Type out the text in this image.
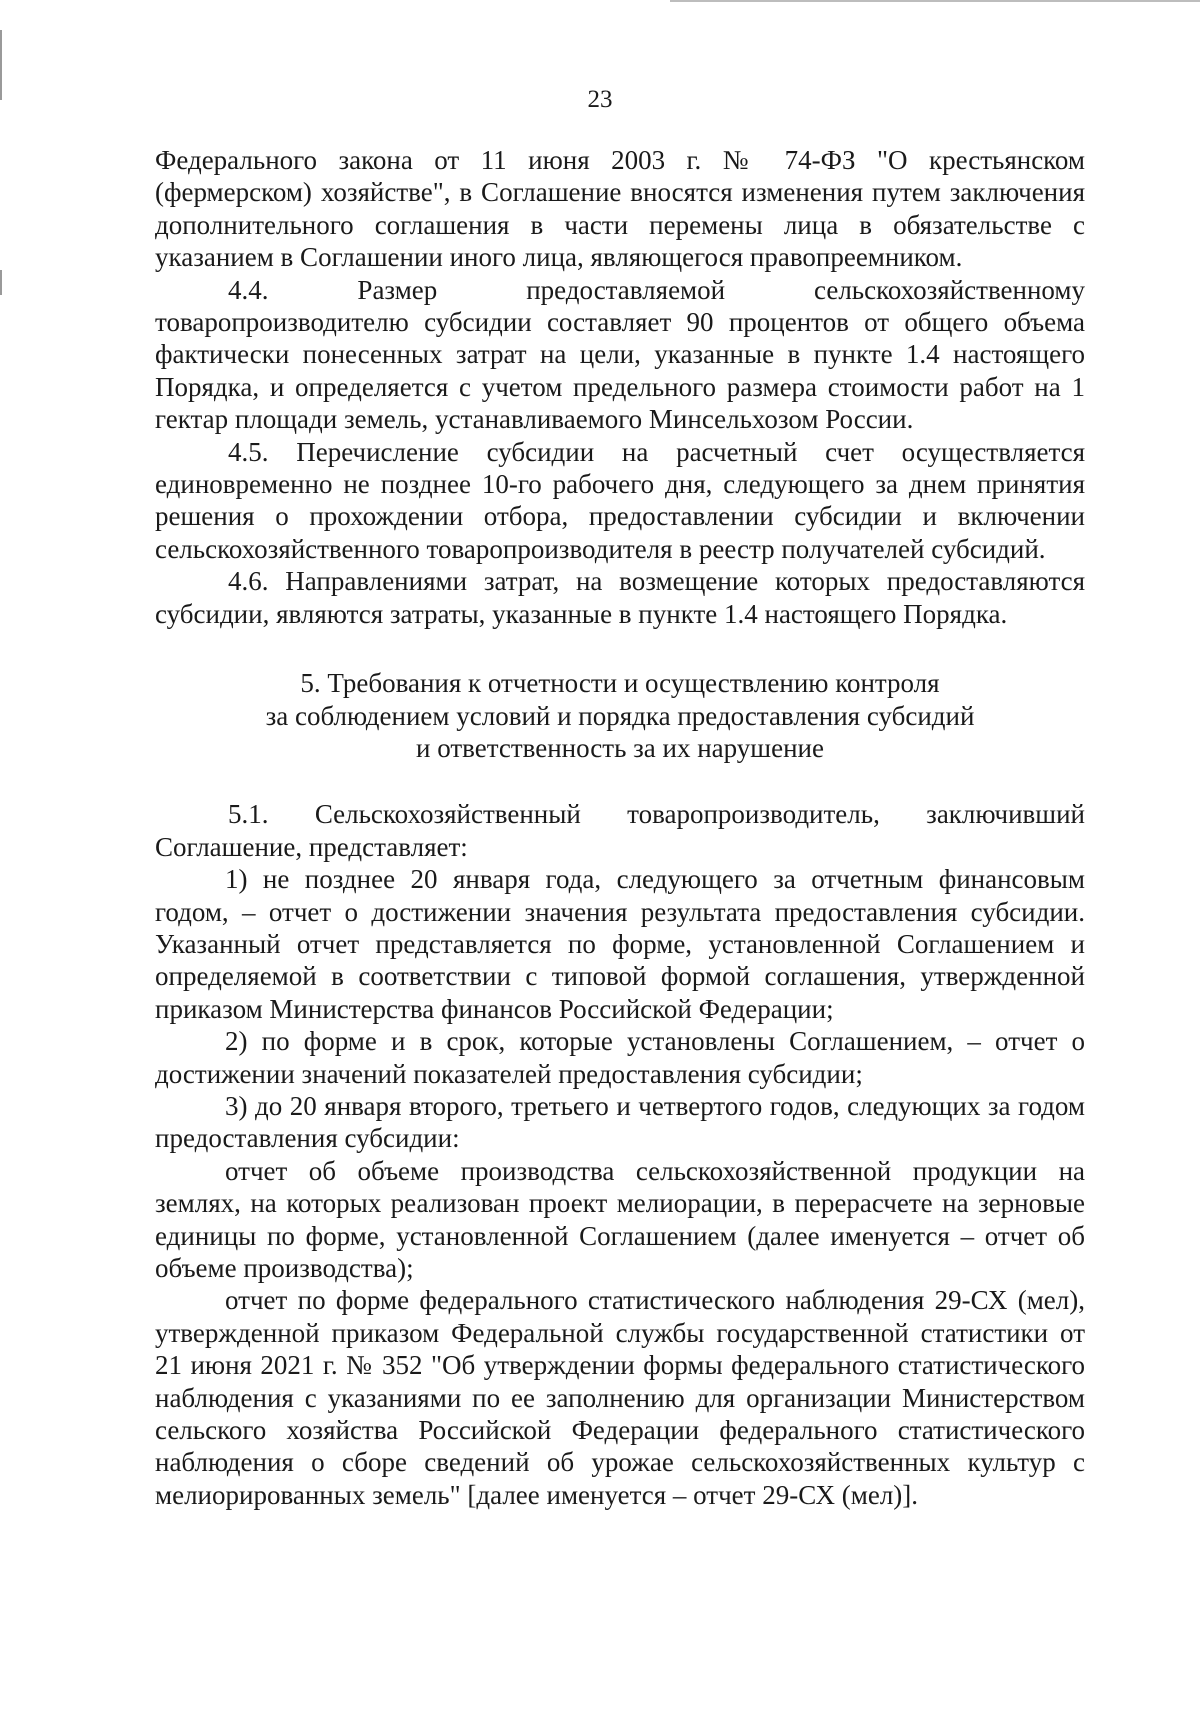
23

Федерального закона от 11 июня 2003 г. № 74-ФЗ "О крестьянском (фермерском) хозяйстве", в Соглашение вносятся изменения путем заключения дополнительного соглашения в части перемены лица в обязательстве с указанием в Соглашении иного лица, являющегося правопреемником.

4.4. Размер предоставляемой сельскохозяйственному товаропроизводителю субсидии составляет 90 процентов от общего объема фактически понесенных затрат на цели, указанные в пункте 1.4 настоящего Порядка, и определяется с учетом предельного размера стоимости работ на 1 гектар площади земель, устанавливаемого Минсельхозом России.

4.5. Перечисление субсидии на расчетный счет осуществляется единовременно не позднее 10-го рабочего дня, следующего за днем принятия решения о прохождении отбора, предоставлении субсидии и включении сельскохозяйственного товаропроизводителя в реестр получателей субсидий.

4.6. Направлениями затрат, на возмещение которых предоставляются субсидии, являются затраты, указанные в пункте 1.4 настоящего Порядка.

5. Требования к отчетности и осуществлению контроля
за соблюдением условий и порядка предоставления субсидий
и ответственность за их нарушение

5.1. Сельскохозяйственный товаропроизводитель, заключивший Соглашение, представляет:

1) не позднее 20 января года, следующего за отчетным финансовым годом, – отчет о достижении значения результата предоставления субсидии. Указанный отчет представляется по форме, установленной Соглашением и определяемой в соответствии с типовой формой соглашения, утвержденной приказом Министерства финансов Российской Федерации;

2) по форме и в срок, которые установлены Соглашением, – отчет о достижении значений показателей предоставления субсидии;

3) до 20 января второго, третьего и четвертого годов, следующих за годом предоставления субсидии:

отчет об объеме производства сельскохозяйственной продукции на землях, на которых реализован проект мелиорации, в перерасчете на зерновые единицы по форме, установленной Соглашением (далее именуется – отчет об объеме производства);

отчет по форме федерального статистического наблюдения 29-СХ (мел), утвержденной приказом Федеральной службы государственной статистики от 21 июня 2021 г. № 352 "Об утверждении формы федерального статистического наблюдения с указаниями по ее заполнению для организации Министерством сельского хозяйства Российской Федерации федерального статистического наблюдения о сборе сведений об урожае сельскохозяйственных культур с мелиорированных земель" [далее именуется – отчет 29-СХ (мел)].
